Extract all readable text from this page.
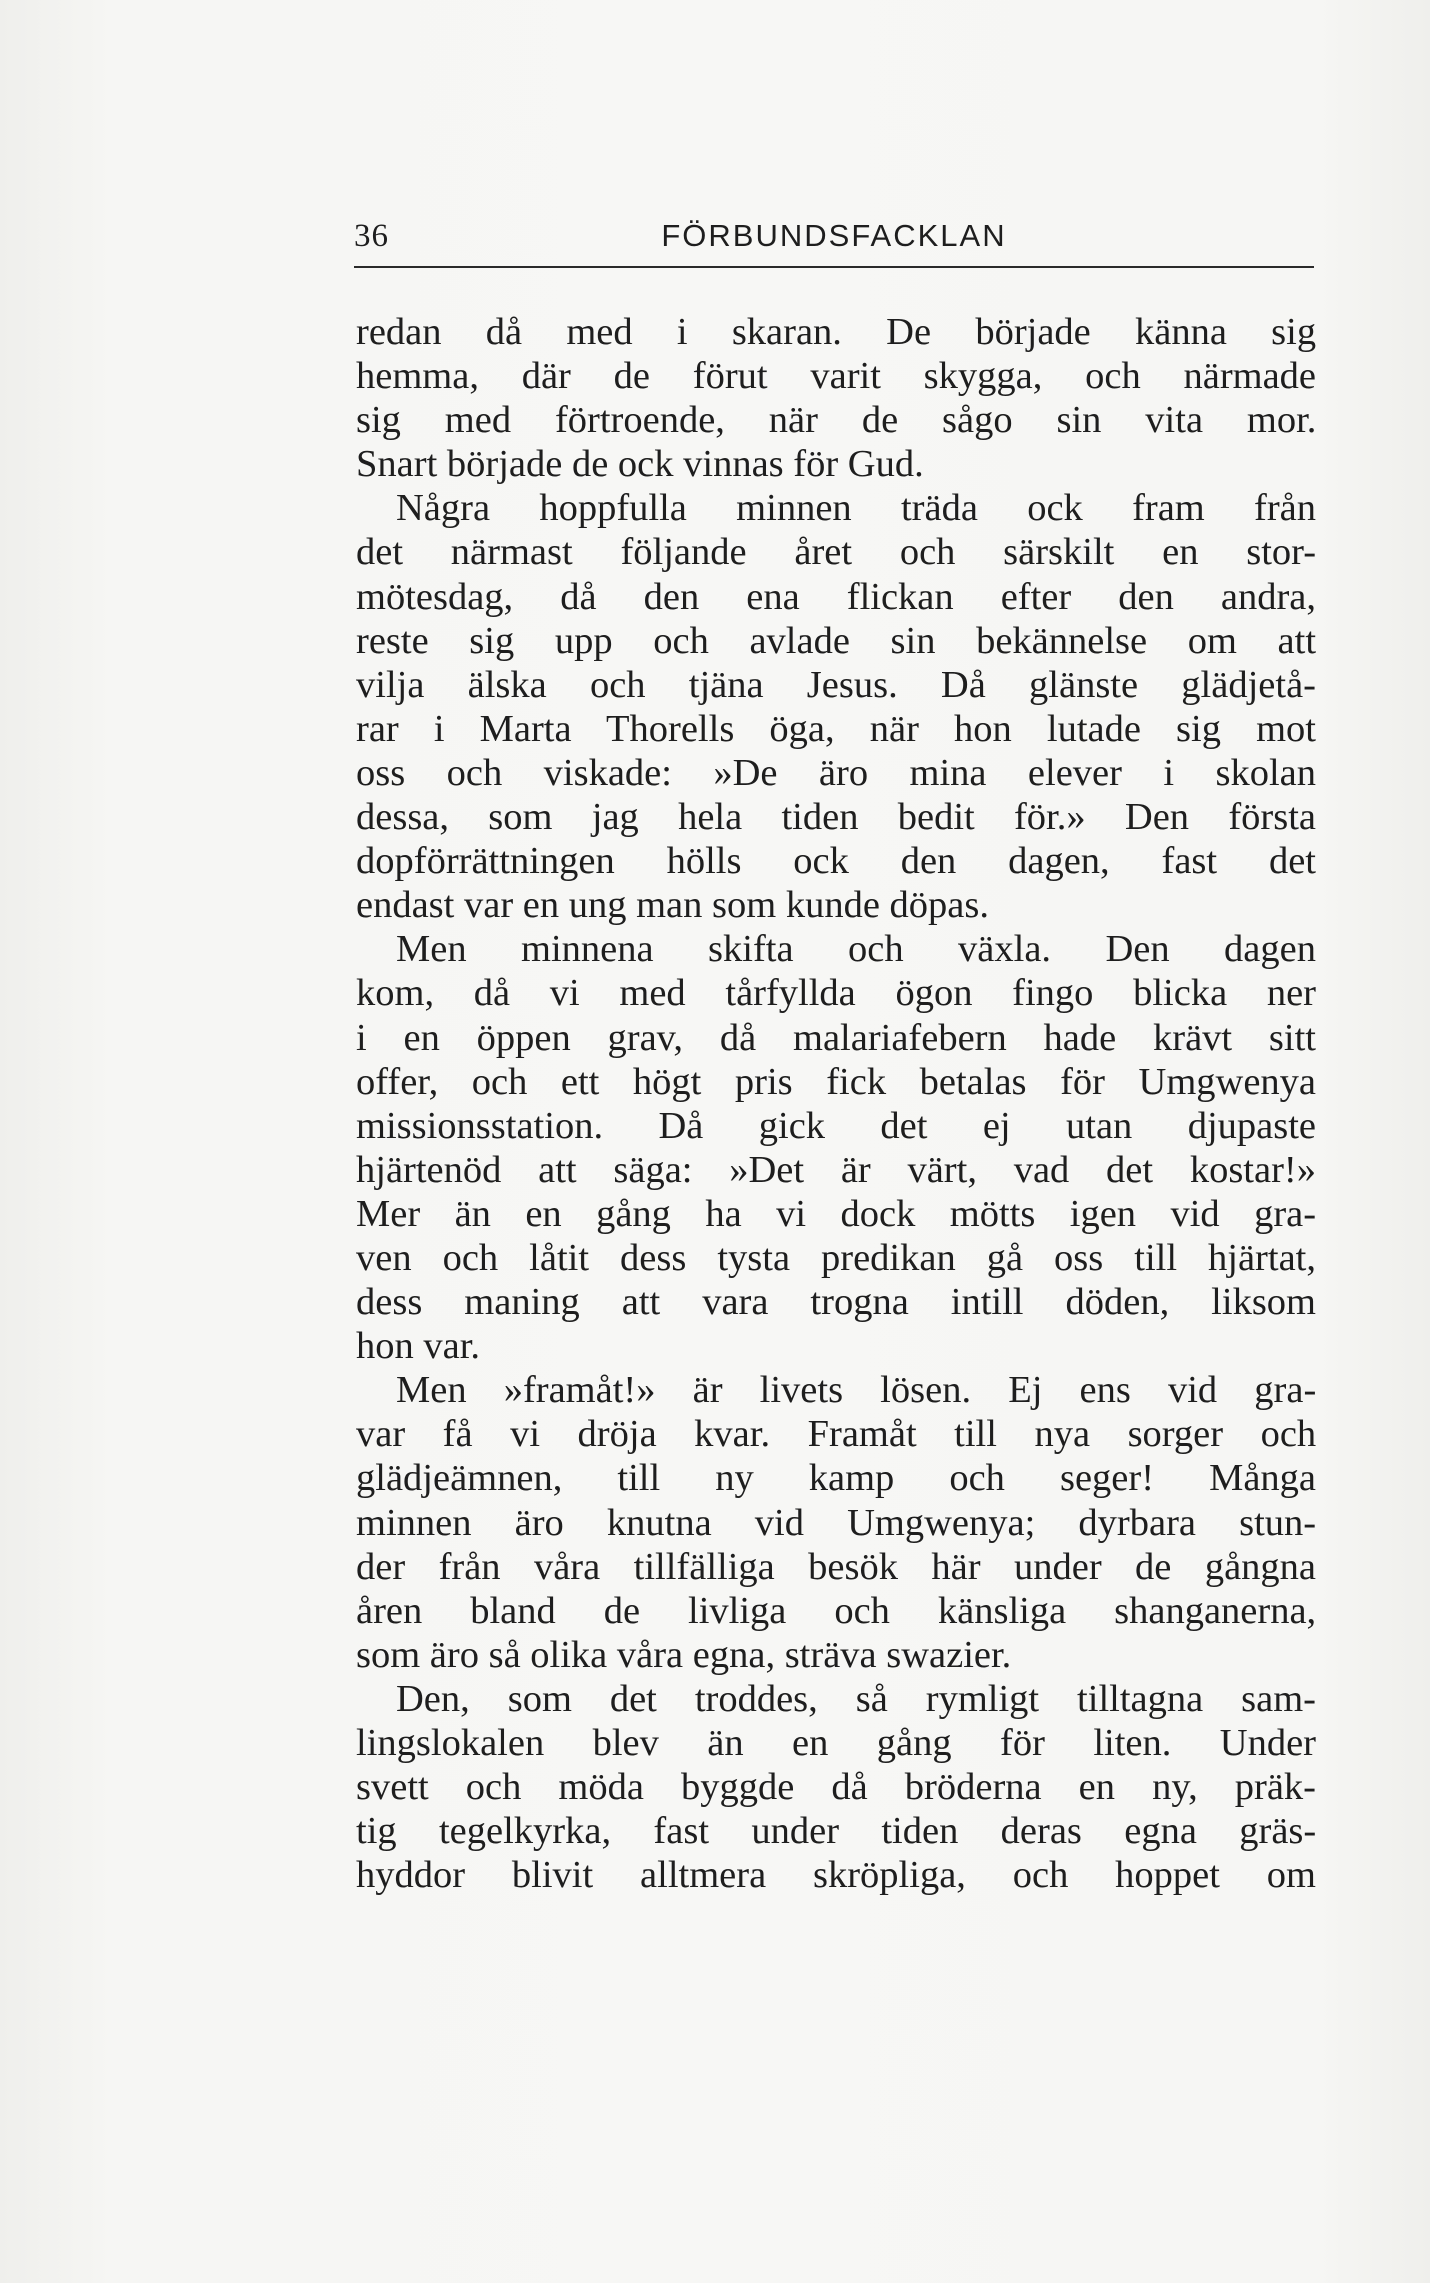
36	FÖRBUNDSFACKLAN
redan då med i skaran. De började känna sig
hemma, där de förut varit skygga, och närmade
sig med förtroende, när de sågo sin vita mor.
Snart började de ock vinnas för Gud.
Några hoppfulla minnen träda ock fram från
det närmast följande året och särskilt en stor-
mötesdag, då den ena flickan efter den andra,
reste sig upp och avlade sin bekännelse om att
vilja älska och tjäna Jesus. Då glänste glädjetå-
rar i Marta Thorells öga, när hon lutade sig mot
oss och viskade: »De äro mina elever i skolan
dessa, som jag hela tiden bedit för.» Den första
dopförrättningen hölls ock den dagen, fast det
endast var en ung man som kunde döpas.
Men minnena skifta och växla. Den dagen
kom, då vi med tårfyllda ögon fingo blicka ner
i en öppen grav, då malariafebern hade krävt sitt
offer, och ett högt pris fick betalas för Umgwenya
missionsstation. Då gick det ej utan djupaste
hjärtenöd att säga: »Det är värt, vad det kostar!»
Mer än en gång ha vi dock mötts igen vid gra-
ven och låtit dess tysta predikan gå oss till hjärtat,
dess maning att vara trogna intill döden, liksom
hon var.
Men »framåt!» är livets lösen. Ej ens vid gra-
var få vi dröja kvar. Framåt till nya sorger och
glädjeämnen, till ny kamp och seger! Många
minnen äro knutna vid Umgwenya; dyrbara stun-
der från våra tillfälliga besök här under de gångna
åren bland de livliga och känsliga shanganerna,
som äro så olika våra egna, sträva swazier.
Den, som det troddes, så rymligt tilltagna sam-
lingslokalen blev än en gång för liten. Under
svett och möda byggde då bröderna en ny, präk-
tig tegelkyrka, fast under tiden deras egna gräs-
hyddor blivit alltmera skröpliga, och hoppet om
